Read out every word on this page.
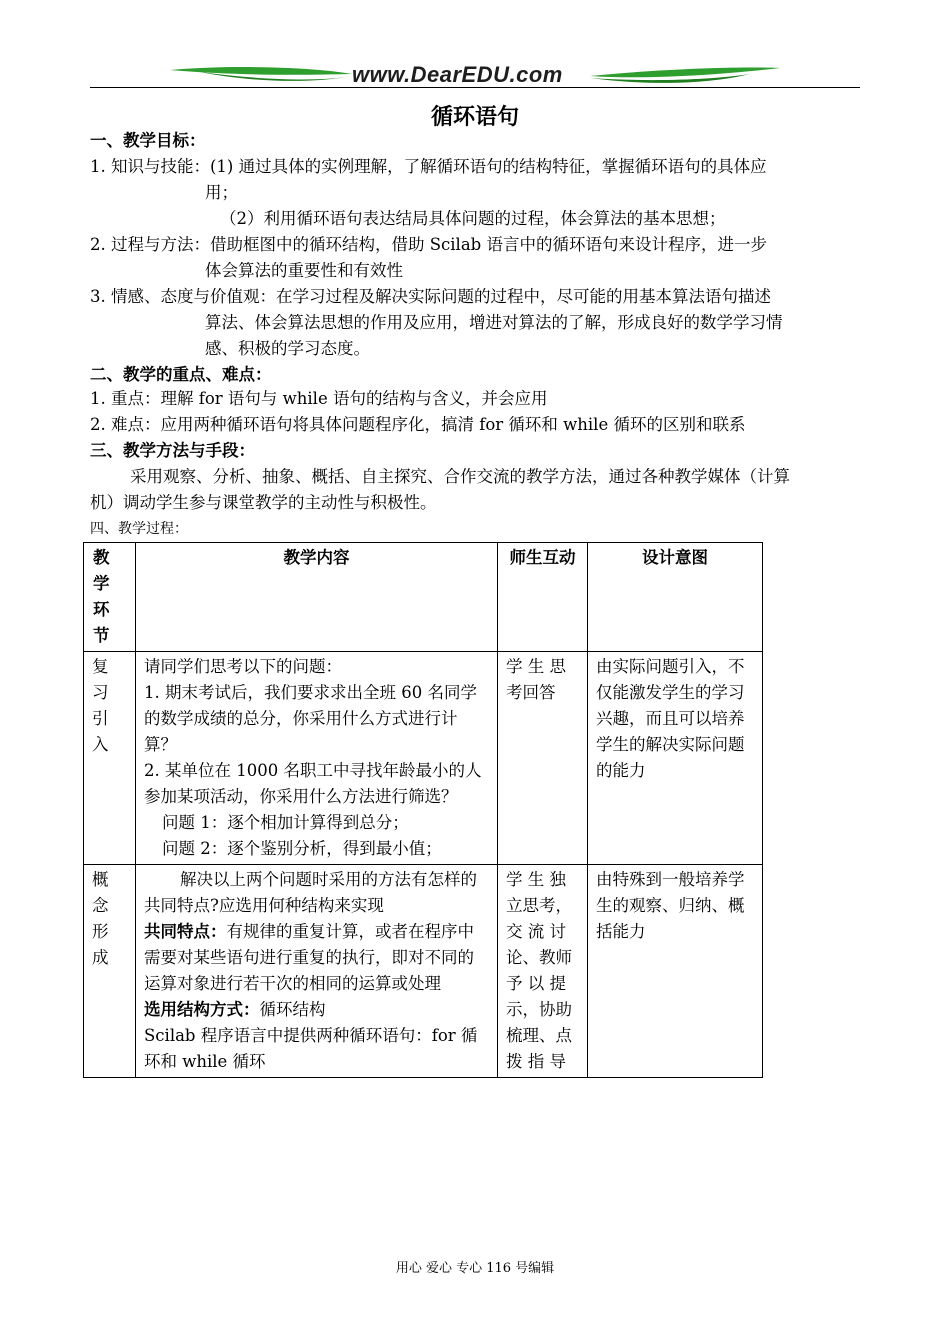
www.DearEDU.com
循环语句
一、教学目标：
1. 知识与技能：(1) 通过具体的实例理解，了解循环语句的结构特征，掌握循环语句的具体应
用；
（2）利用循环语句表达结局具体问题的过程，体会算法的基本思想；
2. 过程与方法：借助框图中的循环结构，借助 Scilab 语言中的循环语句来设计程序，进一步
体会算法的重要性和有效性
3. 情感、态度与价值观：在学习过程及解决实际问题的过程中，尽可能的用基本算法语句描述
算法、体会算法思想的作用及应用，增进对算法的了解，形成良好的数学学习情
感、积极的学习态度。
二、教学的重点、难点：
1. 重点：理解 for 语句与 while 语句的结构与含义，并会应用
2. 难点：应用两种循环语句将具体问题程序化，搞清 for 循环和 while 循环的区别和联系
三、教学方法与手段：
采用观察、分析、抽象、概括、自主探究、合作交流的教学方法，通过各种教学媒体（计算
机）调动学生参与课堂教学的主动性与积极性。
四、教学过程：
教学环节	教学内容	师生互动	设计意图

复习引入	请同学们思考以下的问题：
1. 期末考试后，我们要求求出全班 60 名同学的数学成绩的总分，你采用什么方式进行计算？
2. 某单位在 1000 名职工中寻找年龄最小的人参加某项活动，你采用什么方法进行筛选？
问题 1：逐个相加计算得到总分；
问题 2：逐个鉴别分析，得到最小值；	学 生 思 考回答	由实际问题引入，不仅能激发学生的学习兴趣，而且可以培养学生的解决实际问题的能力

概念形成	解决以上两个问题时采用的方法有怎样的共同特点?应选用何种结构来实现
共同特点：有规律的重复计算，或者在程序中需要对某些语句进行重复的执行，即对不同的运算对象进行若干次的相同的运算或处理
选用结构方式：循环结构
Scilab 程序语言中提供两种循环语句：for 循环和 while 循环	学 生 独 立思考，交 流 讨 论、教师予 以 提 示，协助梳理、点 拨 指 导	由特殊到一般培养学生的观察、归纳、概括能力
用心 爱心 专心 116 号编辑
